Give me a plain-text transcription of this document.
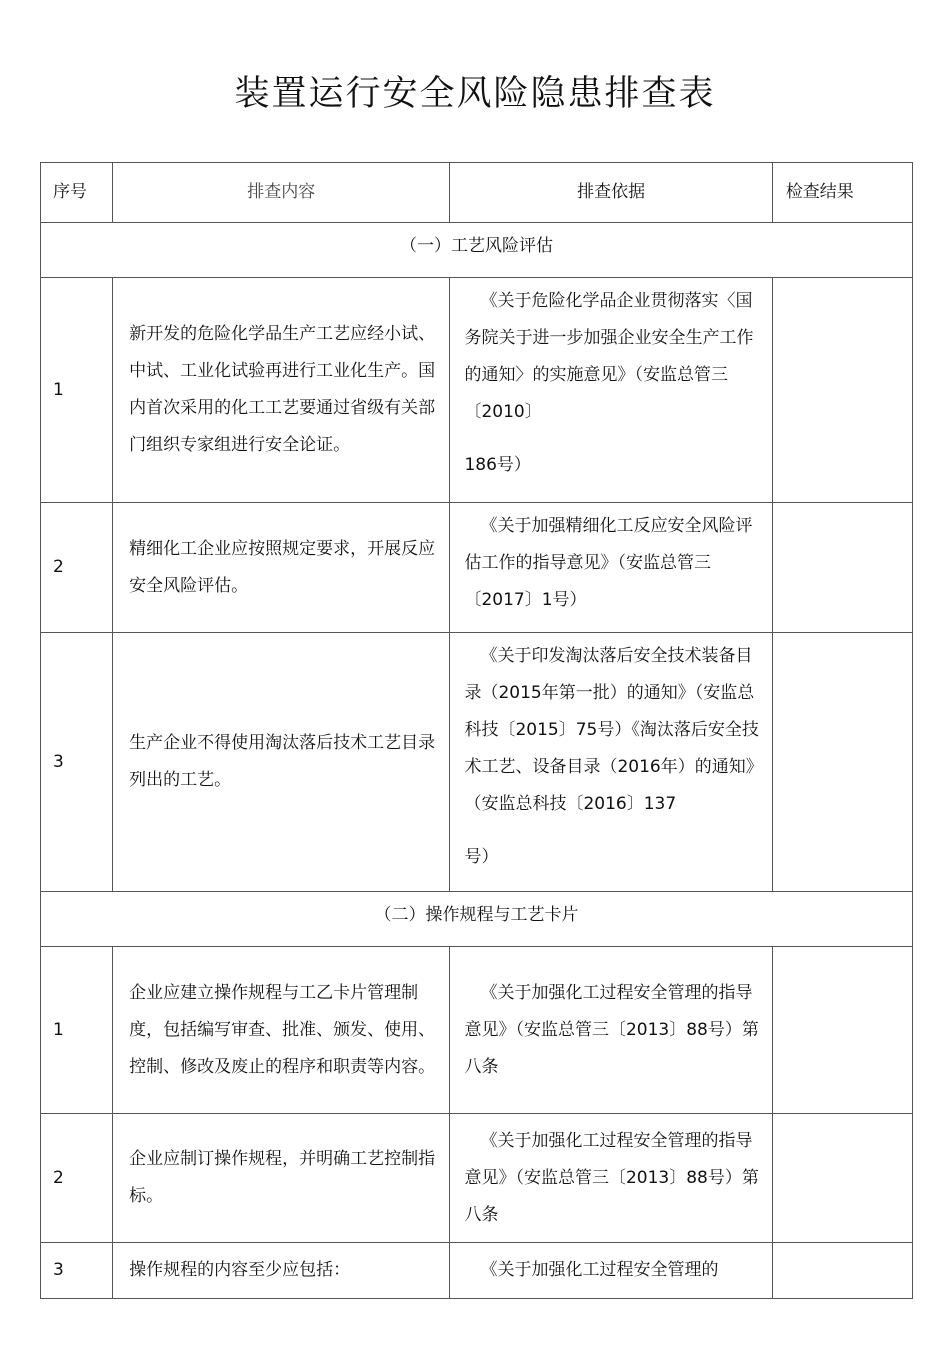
装置运行安全风险隐患排查表
序号	排查内容	排查依据	检查结果
（一）工艺风险评估			
1	新开发的危险化学品生产工艺应经小试、中试、工业化试验再进行工业化生产。国内首次采用的化工工艺要通过省级有关部门组织专家组进行安全论证。	《关于危险化学品企业贯彻落实〈国务院关于进一步加强企业安全生产工作的通知〉的实施意见》（安监总管三〔2010〕
186号）	

2	精细化工企业应按照规定要求，开展反应安全风险评估。	《关于加强精细化工反应安全风险评估工作的指导意见》（安监总管三
〔2017〕1号）	

3	生产企业不得使用淘汰落后技术工艺目录列出的工艺。	《关于印发淘汰落后安全技术装备目录（2015年第一批）的通知》（安监总科技〔2015〕75号）《淘汰落后安全技术工艺、设备目录（2016年）的通知》（安监总科技〔2016〕137
号）	

（二）操作规程与工艺卡片			
1	企业应建立操作规程与工乙卡片管理制度，包括编写审查、批准、颁发、使用、控制、修改及废止的程序和职责等内容。	《关于加强化工过程安全管理的指导意见》（安监总管三〔2013〕88号）第八条	
2	企业应制订操作规程，并明确工艺控制指标。	《关于加强化工过程安全管理的指导意见》（安监总管三〔2013〕88号）第八条	
3	操作规程的内容至少应包括：	《关于加强化工过程安全管理的	
